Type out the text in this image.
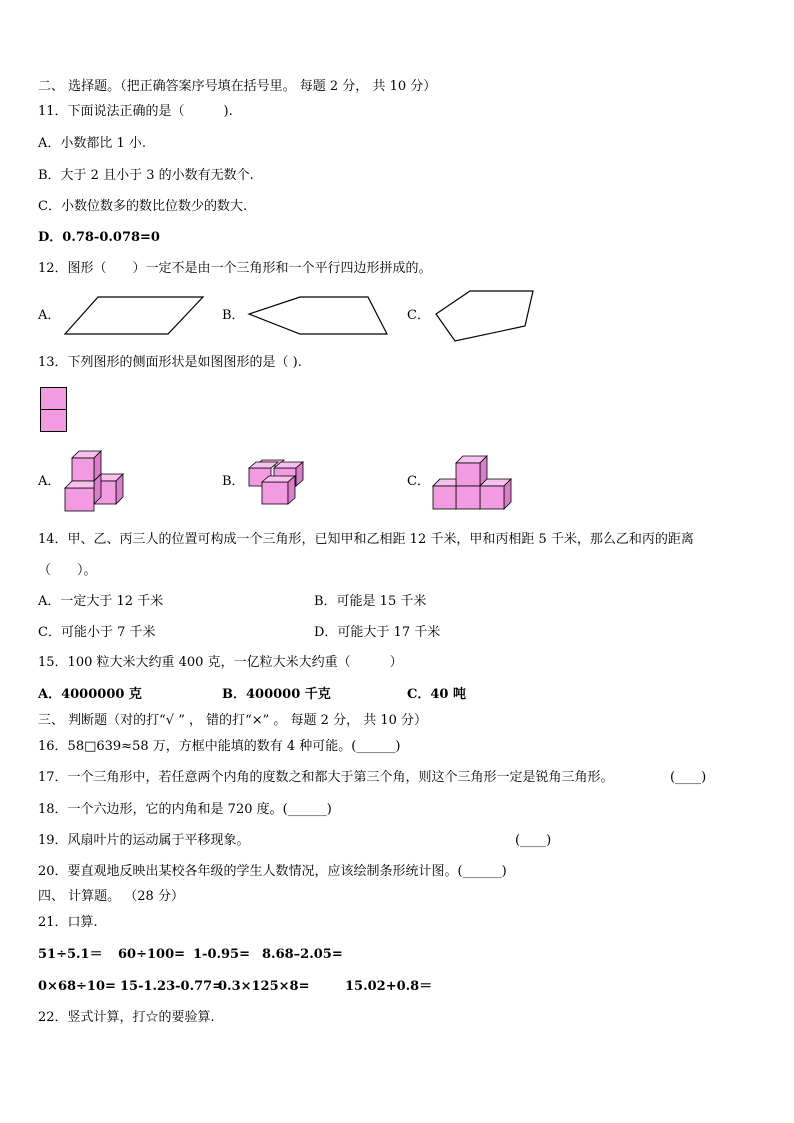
二、 选择题。（把正确答案序号填在括号里。 每题 2 分， 共 10 分）
11．下面说法正确的是（　　　).
A．小数都比 1 小.
B．大于 2 且小于 3 的小数有无数个.
C．小数位数多的数比位数少的数大.
D．0.78-0.078=0
12．图形（　　）一定不是由一个三角形和一个平行四边形拼成的。
A．	B．	C．
13．下列图形的侧面形状是如图图形的是（ ).
A．	B．	C．
14．甲、乙、丙三人的位置可构成一个三角形，已知甲和乙相距 12 千米，甲和丙相距 5 千米，那么乙和丙的距离
（　　）。
A．一定大于 12 千米	B．可能是 15 千米
C．可能小于 7 千米	D．可能大于 17 千米
15．100 粒大米大约重 400 克，一亿粒大米大约重（　　　）
A．4000000 克	B．400000 千克	C．40 吨
三、 判断题（对的打“√ ” ， 错的打“×” 。 每题 2 分， 共 10 分）
16．58□639≈58 万，方框中能填的数有 4 种可能。(______)
17．一个三角形中，若任意两个内角的度数之和都大于第三个角，则这个三角形一定是锐角三角形。	(____)
18．一个六边形，它的内角和是 720 度。(______)
19．风扇叶片的运动属于平移现象。	(____)
20．要直观地反映出某校各年级的学生人数情况，应该绘制条形统计图。(______)
四、 计算题。 （28 分）
21．口算.
51÷5.1＝ 60÷100= 1-0.95= 8.68–2.05=
0×68÷10= 15-1.23-0.77=
0.3×125×8=	15.02+0.8＝
22．竖式计算，打☆的要验算.
